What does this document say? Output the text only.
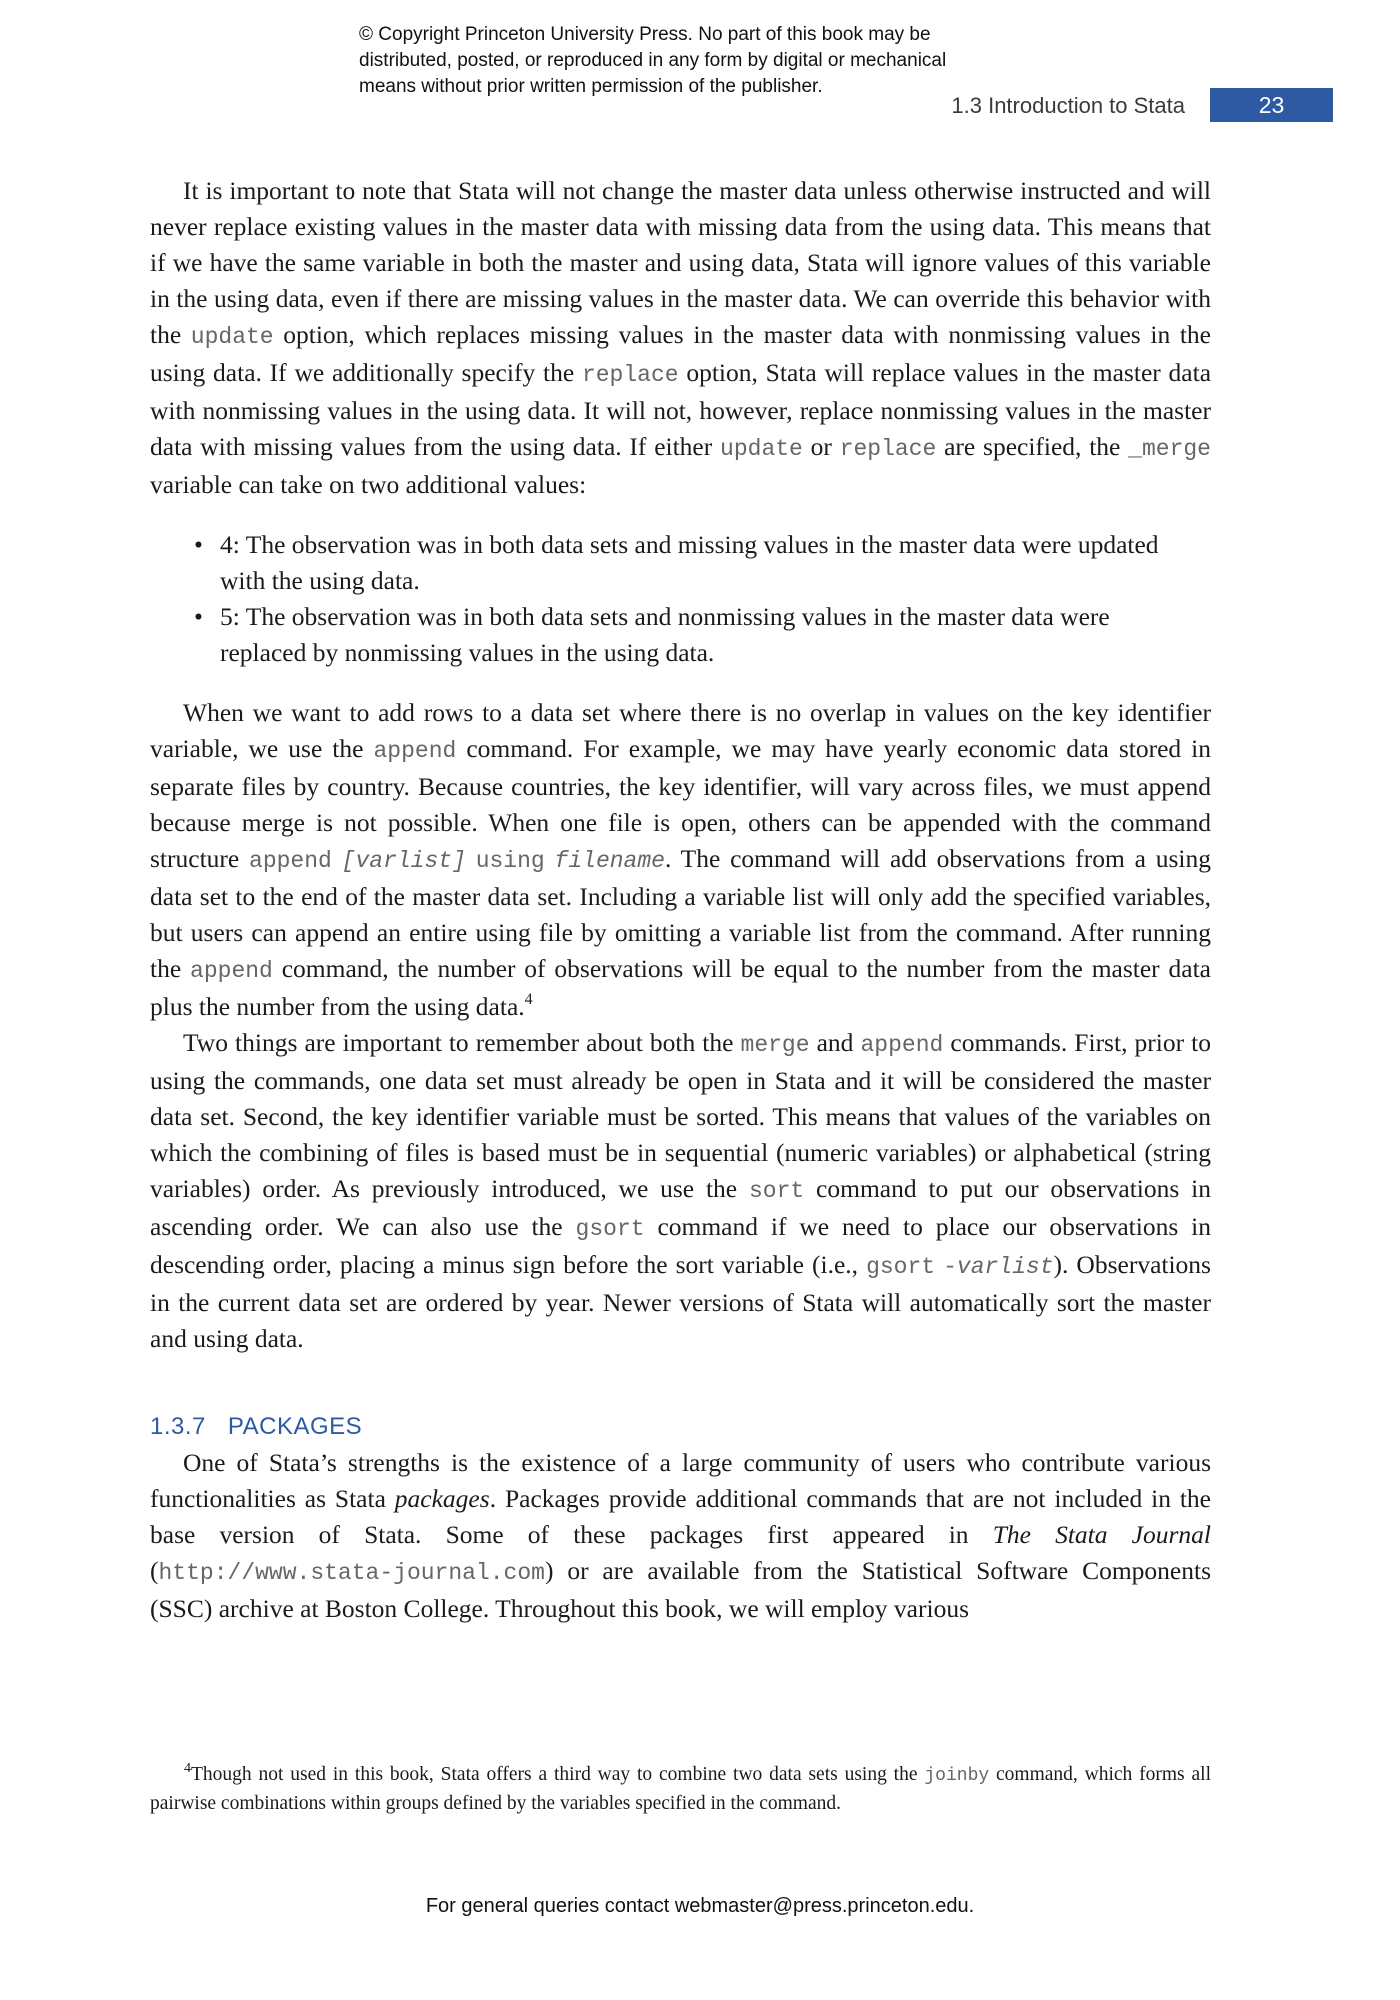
© Copyright Princeton University Press. No part of this book may be
distributed, posted, or reproduced in any form by digital or mechanical
means without prior written permission of the publisher.
1.3 Introduction to Stata	23

It is important to note that Stata will not change the master data unless otherwise instructed and will never replace existing values in the master data with missing data from the using data. This means that if we have the same variable in both the master and using data, Stata will ignore values of this variable in the using data, even if there are missing values in the master data. We can override this behavior with the update option, which replaces missing values in the master data with nonmissing values in the using data. If we additionally specify the replace option, Stata will replace values in the master data with nonmissing values in the using data. It will not, however, replace nonmissing values in the master data with missing values from the using data. If either update or replace are specified, the _merge variable can take on two additional values:

• 4: The observation was in both data sets and missing values in the master data were updated with the using data.
• 5: The observation was in both data sets and nonmissing values in the master data were replaced by nonmissing values in the using data.

When we want to add rows to a data set where there is no overlap in values on the key identifier variable, we use the append command. For example, we may have yearly economic data stored in separate files by country. Because countries, the key identifier, will vary across files, we must append because merge is not possible. When one file is open, others can be appended with the command structure append [varlist] using filename. The command will add observations from a using data set to the end of the master data set. Including a variable list will only add the specified variables, but users can append an entire using file by omitting a variable list from the command. After running the append command, the number of observations will be equal to the number from the master data plus the number from the using data.$^4$

Two things are important to remember about both the merge and append commands. First, prior to using the commands, one data set must already be open in Stata and it will be considered the master data set. Second, the key identifier variable must be sorted. This means that values of the variables on which the combining of files is based must be in sequential (numeric variables) or alphabetical (string variables) order. As previously introduced, we use the sort command to put our observations in ascending order. We can also use the gsort command if we need to place our observations in descending order, placing a minus sign before the sort variable (i.e., gsort -varlist). Observations in the current data set are ordered by year. Newer versions of Stata will automatically sort the master and using data.

1.3.7 PACKAGES

One of Stata’s strengths is the existence of a large community of users who contribute various functionalities as Stata packages. Packages provide additional commands that are not included in the base version of Stata. Some of these packages first appeared in The Stata Journal (http://www.stata-journal.com) or are available from the Statistical Software Components (SSC) archive at Boston College. Throughout this book, we will employ various

$^4$Though not used in this book, Stata offers a third way to combine two data sets using the joinby command, which forms all pairwise combinations within groups defined by the variables specified in the command.
For general queries contact webmaster@press.princeton.edu.
